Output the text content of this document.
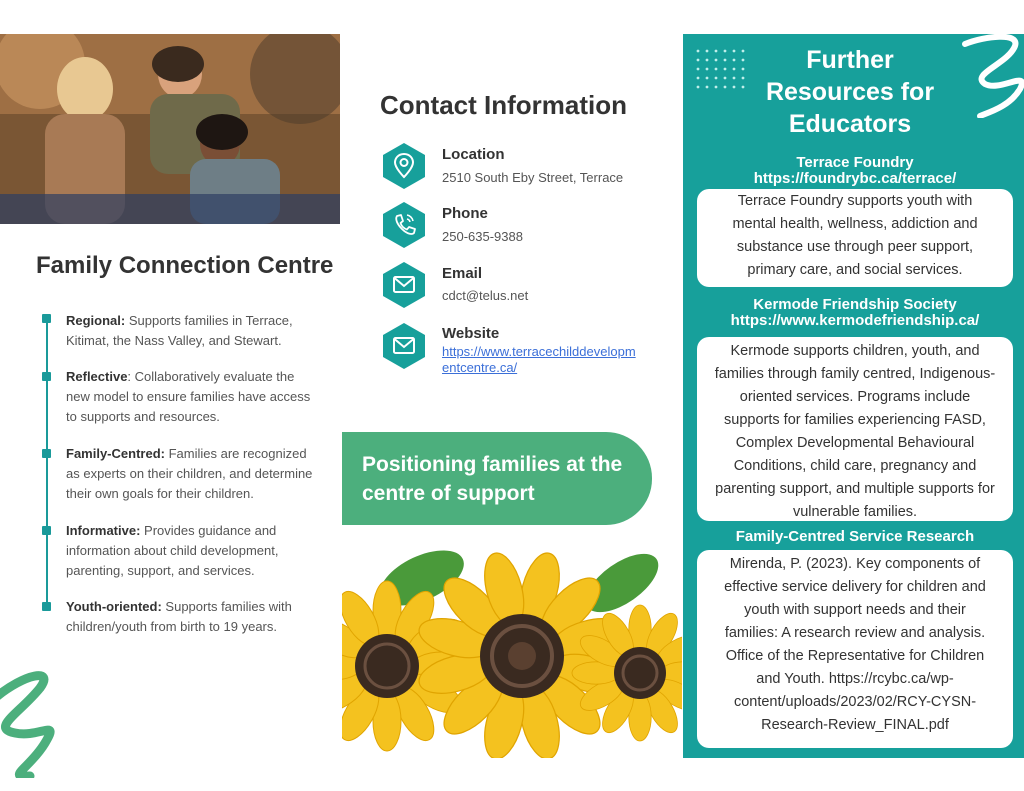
Family Connection Centre
Regional: Supports families in Terrace, Kitimat, the Nass Valley, and Stewart.
Reflective: Collaboratively evaluate the new model to ensure families have access to supports and resources.
Family-Centred: Families are recognized as experts on their children, and determine their own goals for their children.
Informative: Provides guidance and information about child development, parenting, support, and services.
Youth-oriented: Supports families with children/youth from birth to 19 years.
Contact Information
Location
2510 South Eby Street, Terrace
Phone
250-635-9388
Email
cdct@telus.net
Website
https://www.terracechilddevelopmentcentre.ca/
Positioning families at the centre of support
Further Resources for Educators
Terrace Foundry
https://foundrybc.ca/terrace/
Terrace Foundry supports youth with
mental health, wellness, addiction and
substance use through peer support,
primary care, and social services.
Kermode Friendship Society
https://www.kermodefriendship.ca/
Kermode supports children, youth, and
families through family centred, Indigenous-
oriented services. Programs include
supports for families experiencing FASD,
Complex Developmental Behavioural
Conditions, child care, pregnancy and
parenting support, and multiple supports for
vulnerable families.
Family-Centred Service Research
Mirenda, P. (2023). Key components of
effective service delivery for children and
youth with support needs and their
families: A research review and analysis.
Office of the Representative for Children
and Youth. https://rcybc.ca/wp-
content/uploads/2023/02/RCY-CYSN-
Research-Review_FINAL.pdf
